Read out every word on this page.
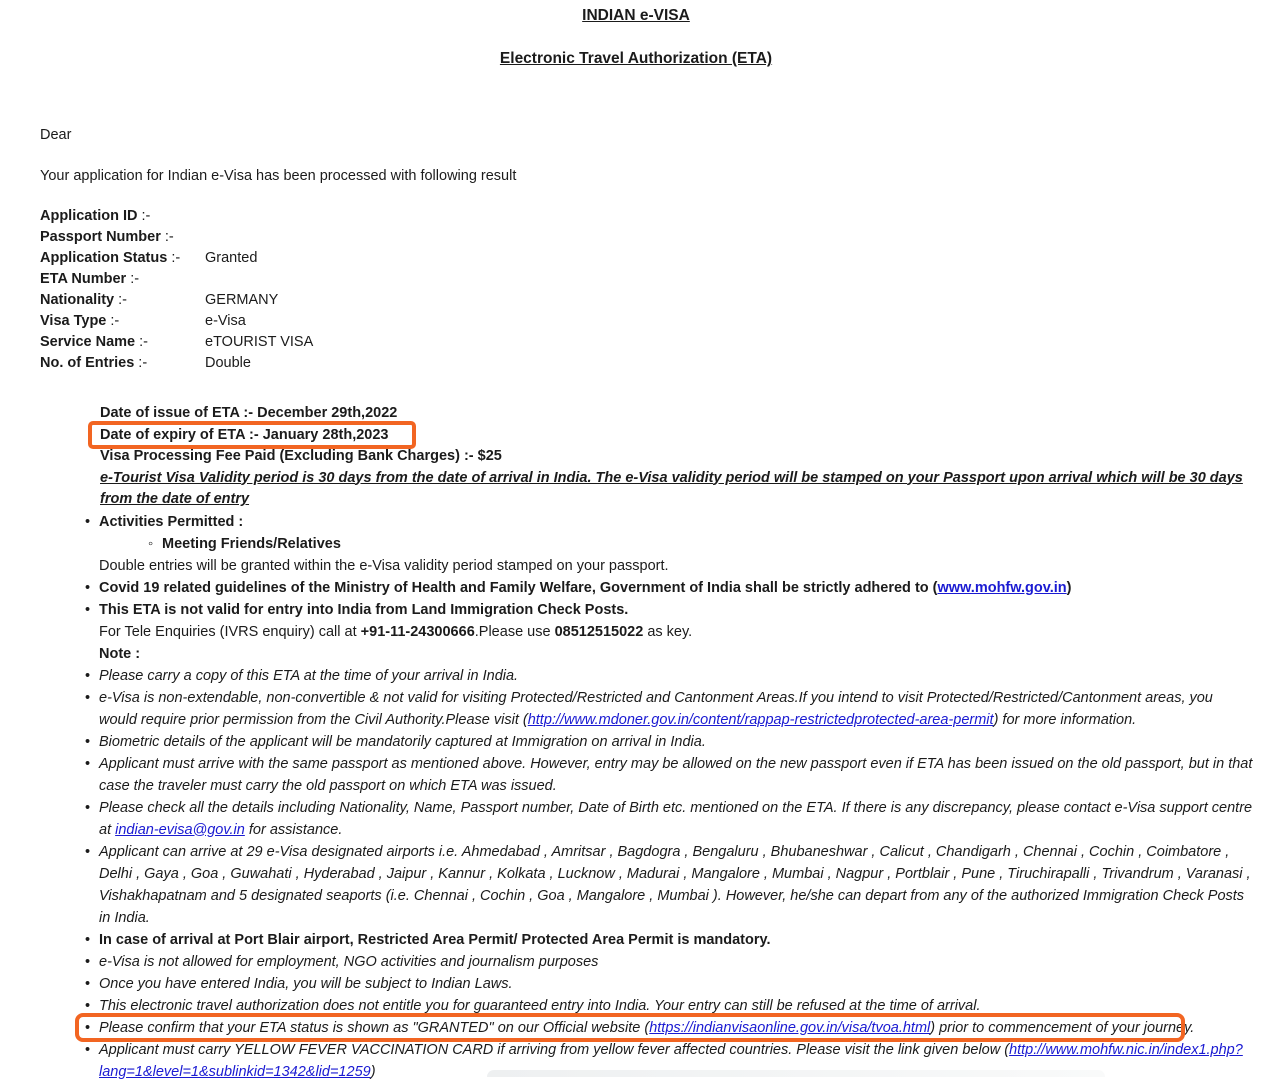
INDIAN e-VISA
Electronic Travel Authorization (ETA)
Dear
Your application for Indian e-Visa has been processed with following result
Application ID :-
Passport Number :-
Application Status :- Granted
ETA Number :-
Nationality :-	GERMANY
Visa Type :-	e-Visa
Service Name :-	eTOURIST VISA
No. of Entries :-	Double
Date of issue of ETA :- December 29th,2022
Date of expiry of ETA :- January 28th,2023
Visa Processing Fee Paid (Excluding Bank Charges) :- $25
e-Tourist Visa Validity period is 30 days from the date of arrival in India. The e-Visa validity period will be stamped on your Passport upon arrival which will be 30 days from the date of entry
• Activities Permitted :
◦ Meeting Friends/Relatives
Double entries will be granted within the e-Visa validity period stamped on your passport.
• Covid 19 related guidelines of the Ministry of Health and Family Welfare, Government of India shall be strictly adhered to (www.mohfw.gov.in)
• This ETA is not valid for entry into India from Land Immigration Check Posts.
For Tele Enquiries (IVRS enquiry) call at +91-11-24300666.Please use 08512515022 as key.
Note :
• Please carry a copy of this ETA at the time of your arrival in India.
• e-Visa is non-extendable, non-convertible & not valid for visiting Protected/Restricted and Cantonment Areas.If you intend to visit Protected/Restricted/Cantonment areas, you would require prior permission from the Civil Authority.Please visit (http://www.mdoner.gov.in/content/rappap-restrictedprotected-area-permit) for more information.
• Biometric details of the applicant will be mandatorily captured at Immigration on arrival in India.
• Applicant must arrive with the same passport as mentioned above. However, entry may be allowed on the new passport even if ETA has been issued on the old passport, but in that case the traveler must carry the old passport on which ETA was issued.
• Please check all the details including Nationality, Name, Passport number, Date of Birth etc. mentioned on the ETA. If there is any discrepancy, please contact e-Visa support centre at indian-evisa@gov.in for assistance.
• Applicant can arrive at 29 e-Visa designated airports i.e. Ahmedabad , Amritsar , Bagdogra , Bengaluru , Bhubaneshwar , Calicut , Chandigarh , Chennai , Cochin , Coimbatore , Delhi , Gaya , Goa , Guwahati , Hyderabad , Jaipur , Kannur , Kolkata , Lucknow , Madurai , Mangalore , Mumbai , Nagpur , Portblair , Pune , Tiruchirapalli , Trivandrum , Varanasi , Vishakhapatnam and 5 designated seaports (i.e. Chennai , Cochin , Goa , Mangalore , Mumbai ). However, he/she can depart from any of the authorized Immigration Check Posts in India.
• In case of arrival at Port Blair airport, Restricted Area Permit/ Protected Area Permit is mandatory.
• e-Visa is not allowed for employment, NGO activities and journalism purposes
• Once you have entered India, you will be subject to Indian Laws.
• This electronic travel authorization does not entitle you for guaranteed entry into India. Your entry can still be refused at the time of arrival.
• Please confirm that your ETA status is shown as "GRANTED" on our Official website (https://indianvisaonline.gov.in/visa/tvoa.html) prior to commencement of your journey.
• Applicant must carry YELLOW FEVER VACCINATION CARD if arriving from yellow fever affected countries. Please visit the link given below (http://www.mohfw.nic.in/index1.php?lang=1&level=1&sublinkid=1342&lid=1259)
